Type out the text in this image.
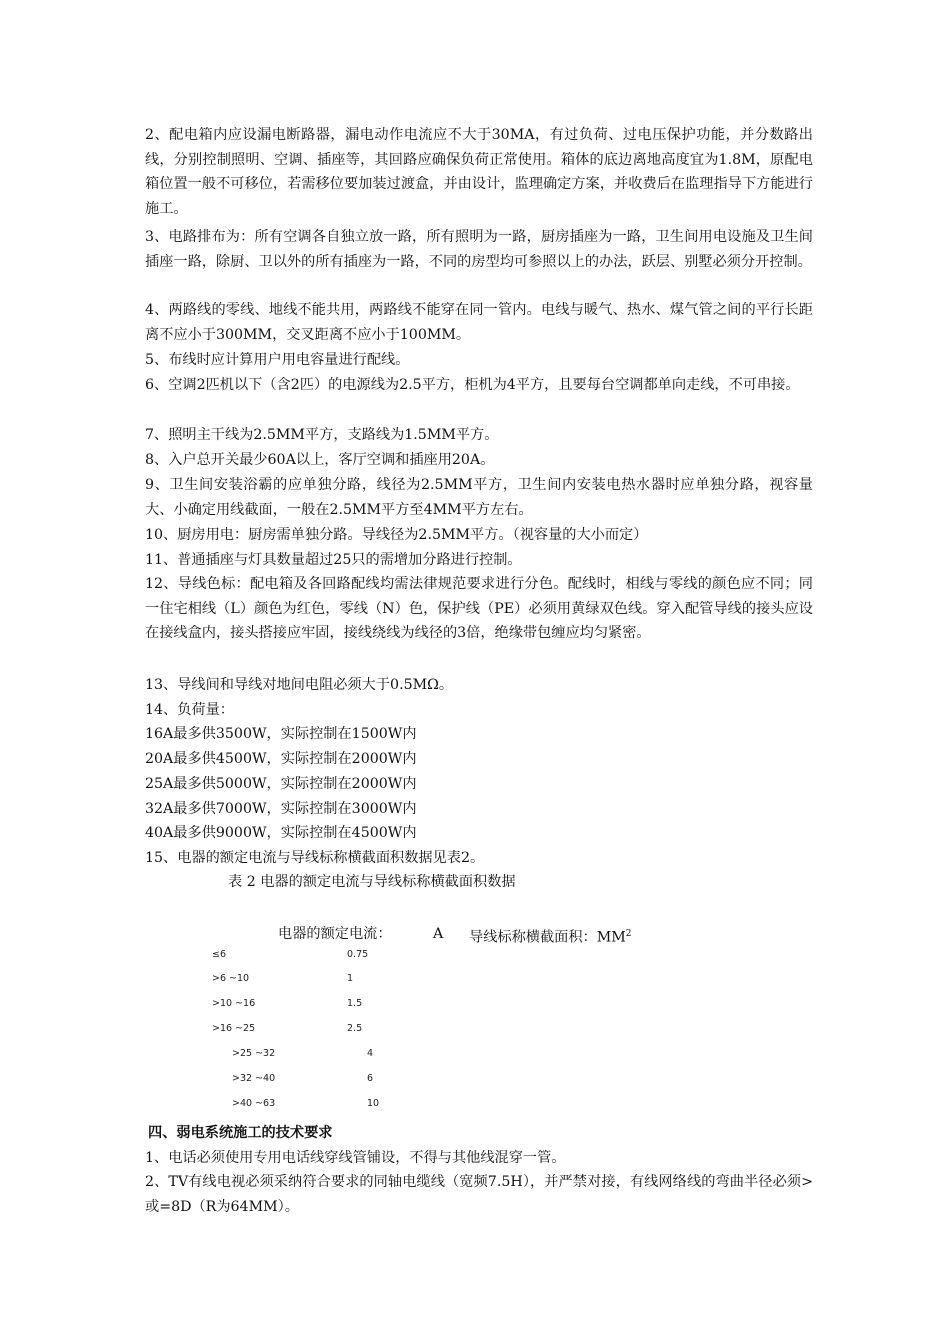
2、配电箱内应设漏电断路器，漏电动作电流应不大于30MA，有过负荷、过电压保护功能，并分数路出线，分别控制照明、空调、插座等，其回路应确保负荷正常使用。箱体的底边离地高度宜为1.8M，原配电箱位置一般不可移位，若需移位要加装过渡盒，并由设计，监理确定方案，并收费后在监理指导下方能进行施工。

3、电路排布为：所有空调各自独立放一路，所有照明为一路，厨房插座为一路，卫生间用电设施及卫生间插座一路，除厨、卫以外的所有插座为一路，不同的房型均可参照以上的办法，跃层、别墅必须分开控制。

4、两路线的零线、地线不能共用，两路线不能穿在同一管内。电线与暖气、热水、煤气管之间的平行长距离不应小于300MM，交叉距离不应小于100MM。

5、布线时应计算用户用电容量进行配线。

6、空调2匹机以下（含2匹）的电源线为2.5平方，柜机为4平方，且要每台空调都单向走线，不可串接。

7、照明主干线为2.5MM平方，支路线为1.5MM平方。

8、入户总开关最少60A以上，客厅空调和插座用20A。

9、卫生间安装浴霸的应单独分路，线径为2.5MM平方，卫生间内安装电热水器时应单独分路，视容量大、小确定用线截面，一般在2.5MM平方至4MM平方左右。

10、厨房用电：厨房需单独分路。导线径为2.5MM平方。（视容量的大小而定）

11、普通插座与灯具数量超过25只的需增加分路进行控制。

12、导线色标：配电箱及各回路配线均需法律规范要求进行分色。配线时，相线与零线的颜色应不同；同一住宅相线（L）颜色为红色，零线（N）色，保护线（PE）必须用黄绿双色线。穿入配管导线的接头应设在接线盒内，接头搭接应牢固，接线绕线为线径的3倍，绝缘带包缠应均匀紧密。

13、导线间和导线对地间电阻必须大于0.5MΩ。

14、负荷量：

16A最多供3500W，实际控制在1500W内

20A最多供4500W，实际控制在2000W内

25A最多供5000W，实际控制在2000W内

32A最多供7000W，实际控制在3000W内

40A最多供9000W，实际控制在4500W内

15、电器的额定电流与导线标称横截面积数据见表2。

表 2 电器的额定电流与导线标称横截面积数据
电器的额定电流：	A 导线标称横截面积：$MM^2$
≤6	0.75
>6 ~10	1
>10 ~16	1.5
>16 ~25	2.5
>25 ~32	4
>32 ~40	6
>40 ~63	10
四、弱电系统施工的技术要求

1、电话必须使用专用电话线穿线管铺设，不得与其他线混穿一管。

2、TV有线电视必须采纳符合要求的同轴电缆线（宽频7.5H），并严禁对接，有线网络线的弯曲半径必须>或=8D（R为64MM）。
